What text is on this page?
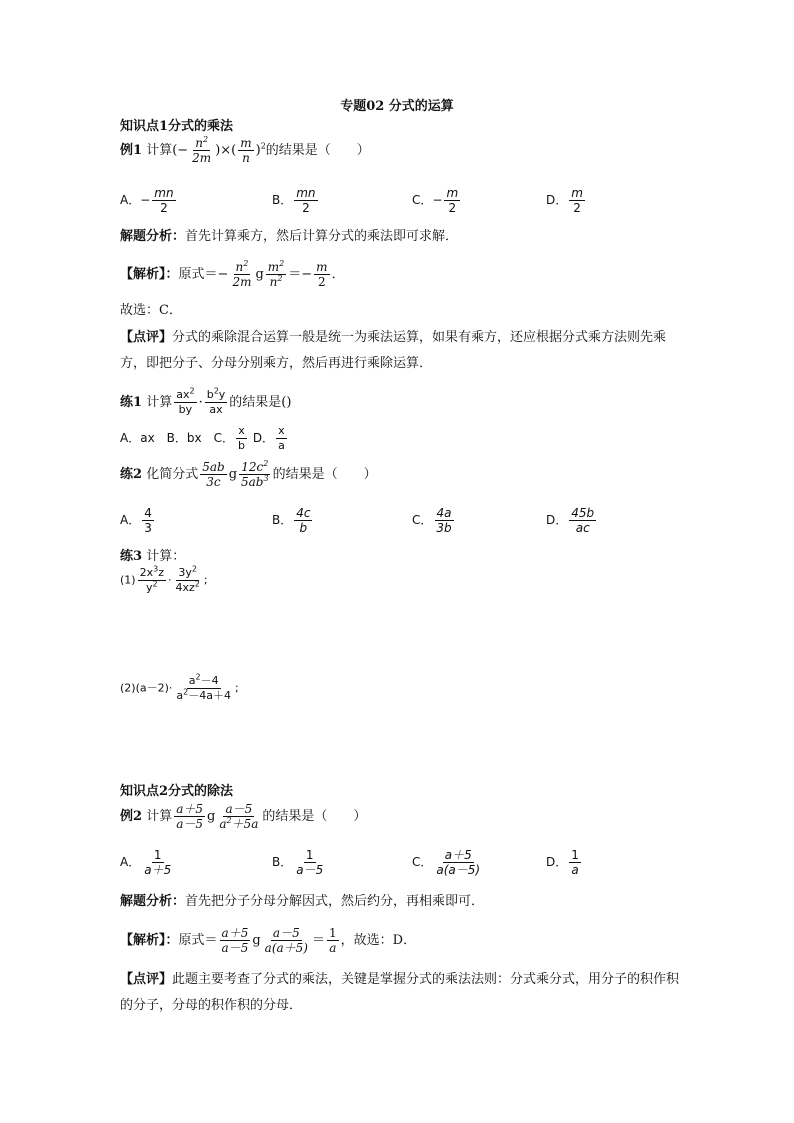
专题02 分式的运算
知识点1分式的乘法
例1 计算(− $\frac{n^2}{2m}$ )×( $\frac{m}{n} )^2$的结果是（　　）
A．− $\frac{mn}{2}$	B． $\frac{mn}{2}$	C．− $\frac{m}{2}$	D． $\frac{m}{2}$
解题分析：首先计算乘方，然后计算分式的乘法即可求解．
【解析】：原式＝− $\frac{n^2}{2m}$ g $\frac{m^2}{n^2} =- \frac{m}{2}$ ．
故选：C．
【点评】分式的乘除混合运算一般是统一为乘法运算，如果有乘方，还应根据分式乘方法则先乘方，即把分子、分母分别乘方，然后再进行乘除运算．
练1 计算 $\frac{ax^2}{by} \cdot \frac{b^2y}{ax}$ 的结果是()
A．ax　B．bx　C． $\frac{x}{b}$ D． $\frac{x}{a}$
练2 化简分式 $\frac{5ab}{3c}$ g $\frac{12c^2}{5ab^3}$ 的结果是（　　）
A． $\frac{4}{3}$	B． $\frac{4c}{b}$	C． $\frac{4a}{3b}$	D． $\frac{45b}{ac}$
练3 计算：
$(1) \frac{2x^3z}{y^2} \cdot \frac{3y^2}{4xz^2}$ ;
$(2)(a-2)\cdot \frac{a^2-4}{a^2-4a+4}$ ;
知识点2分式的除法
例2 计算 $\frac{a+5}{a-5}$ g $\frac{a-5}{a^2+5a}$ 的结果是（　　）
A． $\frac{1}{a+5}$	B． $\frac{1}{a-5}$	C． $\frac{a+5}{a(a-5)}$	D． $\frac{1}{a}$
解题分析：首先把分子分母分解因式，然后约分，再相乘即可．
【解析】：原式＝ $\frac{a+5}{a-5}$ g $\frac{a-5}{a(a+5)} = \frac{1}{a}$ ，故选：D．
【点评】此题主要考查了分式的乘法，关键是掌握分式的乘法法则：分式乘分式，用分子的积作积的分子，分母的积作积的分母．
